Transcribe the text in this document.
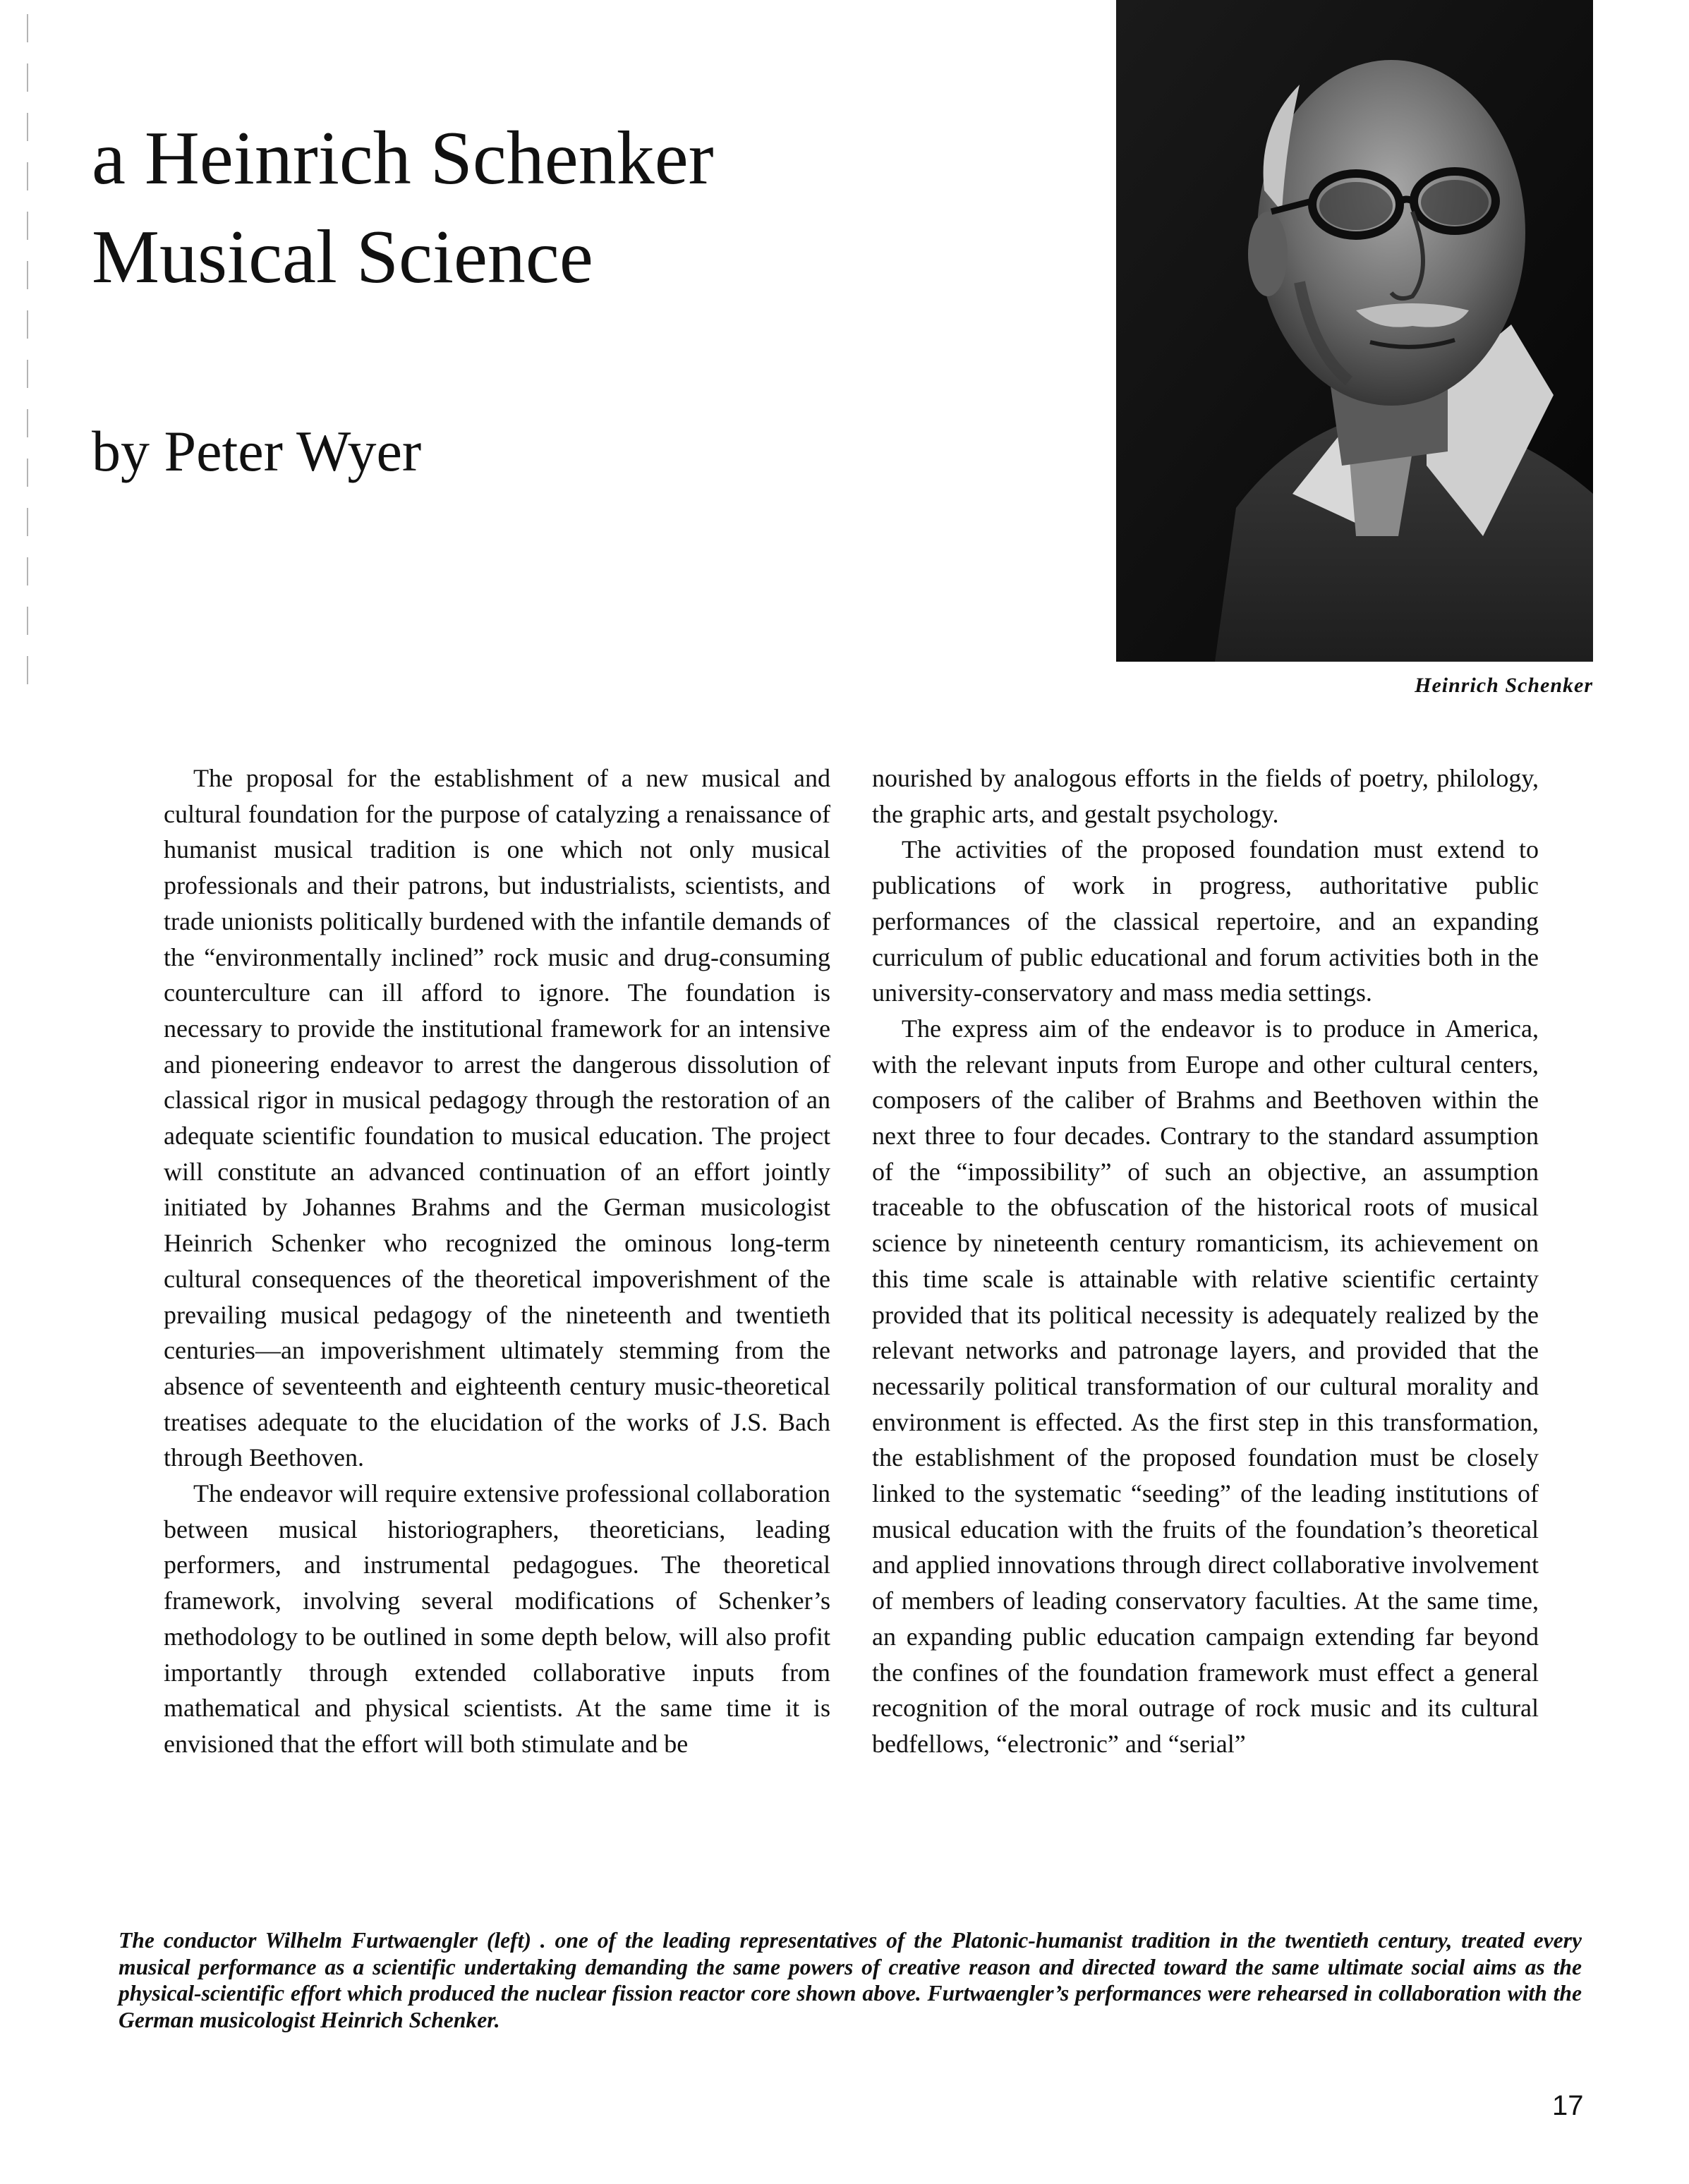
a Heinrich Schenker
Musical Science
by Peter Wyer
Heinrich Schenker

The proposal for the establishment of a new musical and cultural foundation for the purpose of catalyzing a renaissance of humanist musical tradition is one which not only musical professionals and their patrons, but industrialists, scientists, and trade unionists politically burdened with the infantile demands of the “environmentally inclined” rock music and drug-consuming counterculture can ill afford to ignore. The foundation is necessary to provide the institutional framework for an intensive and pioneering endeavor to arrest the dangerous dissolution of classical rigor in musical pedagogy through the restoration of an adequate scientific foundation to musical education. The project will constitute an advanced continuation of an effort jointly initiated by Johannes Brahms and the German musicologist Heinrich Schenker who recognized the ominous long-term cultural consequences of the theoretical impoverishment of the prevailing musical pedagogy of the nineteenth and twentieth centuries—an impoverishment ultimately stemming from the absence of seventeenth and eighteenth century music-theoretical treatises adequate to the elucidation of the works of J.S. Bach through Beethoven.

The endeavor will require extensive professional collaboration between musical historiographers, theoreticians, leading performers, and instrumental pedagogues. The theoretical framework, involving several modifications of Schenker’s methodology to be outlined in some depth below, will also profit importantly through extended collaborative inputs from mathematical and physical scientists. At the same time it is envisioned that the effort will both stimulate and be

nourished by analogous efforts in the fields of poetry, philology, the graphic arts, and gestalt psychology.

The activities of the proposed foundation must extend to publications of work in progress, authoritative public performances of the classical repertoire, and an expanding curriculum of public educational and forum activities both in the university-conservatory and mass media settings.

The express aim of the endeavor is to produce in America, with the relevant inputs from Europe and other cultural centers, composers of the caliber of Brahms and Beethoven within the next three to four decades. Contrary to the standard assumption of the “impossibility” of such an objective, an assumption traceable to the obfuscation of the historical roots of musical science by nineteenth century romanticism, its achievement on this time scale is attainable with relative scientific certainty provided that its political necessity is adequately realized by the relevant networks and patronage layers, and provided that the necessarily political transformation of our cultural morality and environment is effected. As the first step in this transformation, the establishment of the proposed foundation must be closely linked to the systematic “seeding” of the leading institutions of musical education with the fruits of the foundation’s theoretical and applied innovations through direct collaborative involvement of members of leading conservatory faculties. At the same time, an expanding public education campaign extending far beyond the confines of the foundation framework must effect a general recognition of the moral outrage of rock music and its cultural bedfellows, “electronic” and “serial”

The conductor Wilhelm Furtwaengler (left) . one of the leading representatives of the Platonic-humanist tradition in the twentieth century, treated every musical performance as a scientific undertaking demanding the same powers of creative reason and directed toward the same ultimate social aims as the physical-scientific effort which produced the nuclear fission reactor core shown above. Furtwaengler’s performances were rehearsed in collaboration with the German musicologist Heinrich Schenker.
17
